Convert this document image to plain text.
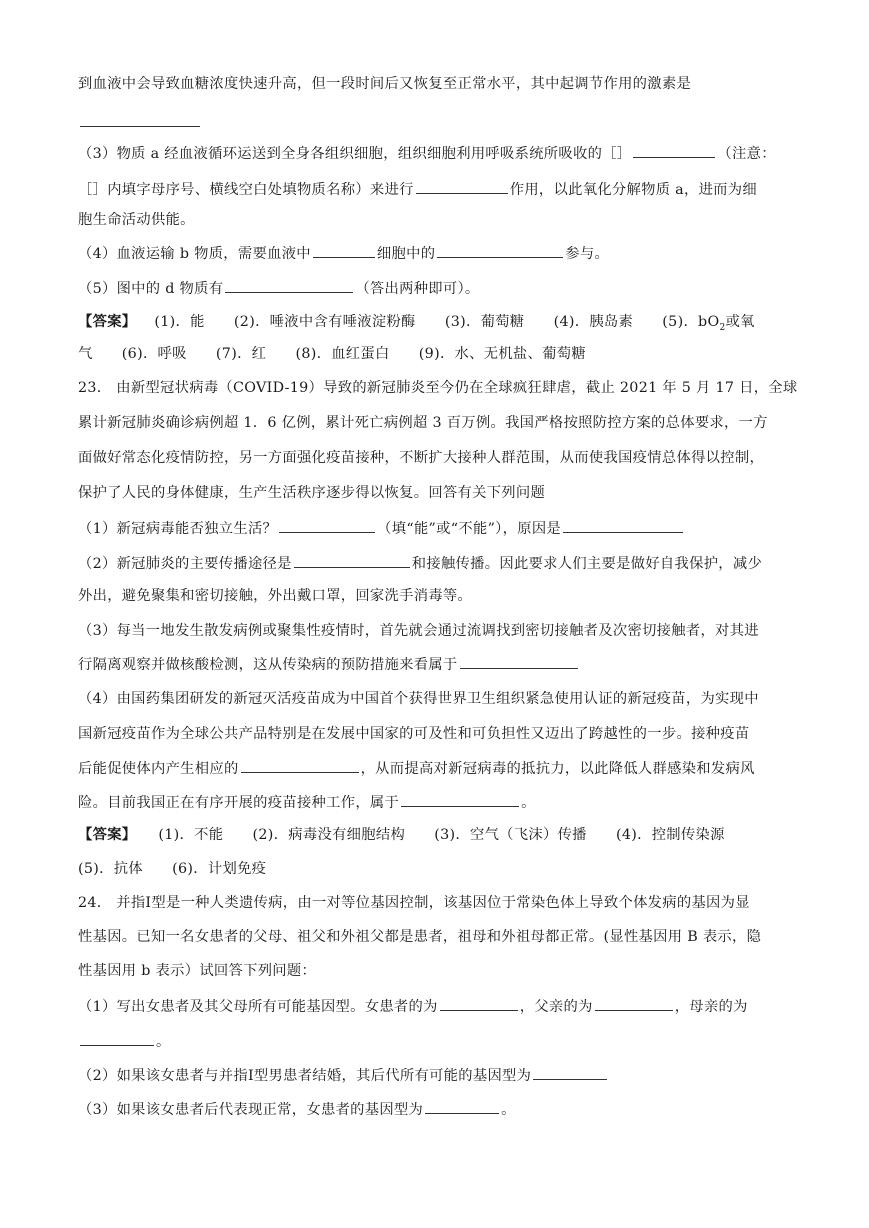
到血液中会导致血糖浓度快速升高，但一段时间后又恢复至正常水平，其中起调节作用的激素是
（3）物质 a 经血液循环运送到全身各组织细胞，组织细胞利用呼吸系统所吸收的［］	（注意：
［］内填字母序号、横线空白处填物质名称）来进行	作用，以此氧化分解物质 a，进而为细
胞生命活动供能。
（4）血液运输 b 物质，需要血液中	细胞中的	参与。
（5）图中的 d 物质有	（答出两种即可）。
【答案】 (1)．能　　(2)．唾液中含有唾液淀粉酶　　(3)．葡萄糖　　(4)．胰岛素　　(5)．$bO_2$或氧
气　　(6)．呼吸　　(7)．红　　(8)．血红蛋白　　(9)．水、无机盐、葡萄糖
23． 由新型冠状病毒（COVID-19）导致的新冠肺炎至今仍在全球疯狂肆虐，截止 2021 年 5 月 17 日，全球
累计新冠肺炎确诊病例超 1．6 亿例，累计死亡病例超 3 百万例。我国严格按照防控方案的总体要求，一方
面做好常态化疫情防控，另一方面强化疫苗接种，不断扩大接种人群范围，从而使我国疫情总体得以控制，
保护了人民的身体健康，生产生活秩序逐步得以恢复。回答有关下列问题
（1）新冠病毒能否独立生活？	（填“能”或“不能”），原因是
（2）新冠肺炎的主要传播途径是	和接触传播。因此要求人们主要是做好自我保护，减少
外出，避免聚集和密切接触，外出戴口罩，回家洗手消毒等。
（3）每当一地发生散发病例或聚集性疫情时，首先就会通过流调找到密切接触者及次密切接触者，对其进
行隔离观察并做核酸检测，这从传染病的预防措施来看属于
（4）由国药集团研发的新冠灭活疫苗成为中国首个获得世界卫生组织紧急使用认证的新冠疫苗，为实现中
国新冠疫苗作为全球公共产品特别是在发展中国家的可及性和可负担性又迈出了跨越性的一步。接种疫苗
后能促使体内产生相应的	，从而提高对新冠病毒的抵抗力，以此降低人群感染和发病风
险。目前我国正在有序开展的疫苗接种工作，属于	。
【答案】 (1)．不能　　(2)．病毒没有细胞结构　　(3)．空气（飞沫）传播　　(4)．控制传染源
(5)．抗体　　(6)．计划免疫
24． 并指Ⅰ型是一种人类遗传病，由一对等位基因控制，该基因位于常染色体上导致个体发病的基因为显
性基因。已知一名女患者的父母、祖父和外祖父都是患者，祖母和外祖母都正常。(显性基因用 B 表示，隐
性基因用 b 表示）试回答下列问题：
（1）写出女患者及其父母所有可能基因型。女患者的为	，父亲的为	，母亲的为
。
（2）如果该女患者与并指Ⅰ型男患者结婚，其后代所有可能的基因型为
（3）如果该女患者后代表现正常，女患者的基因型为	。
